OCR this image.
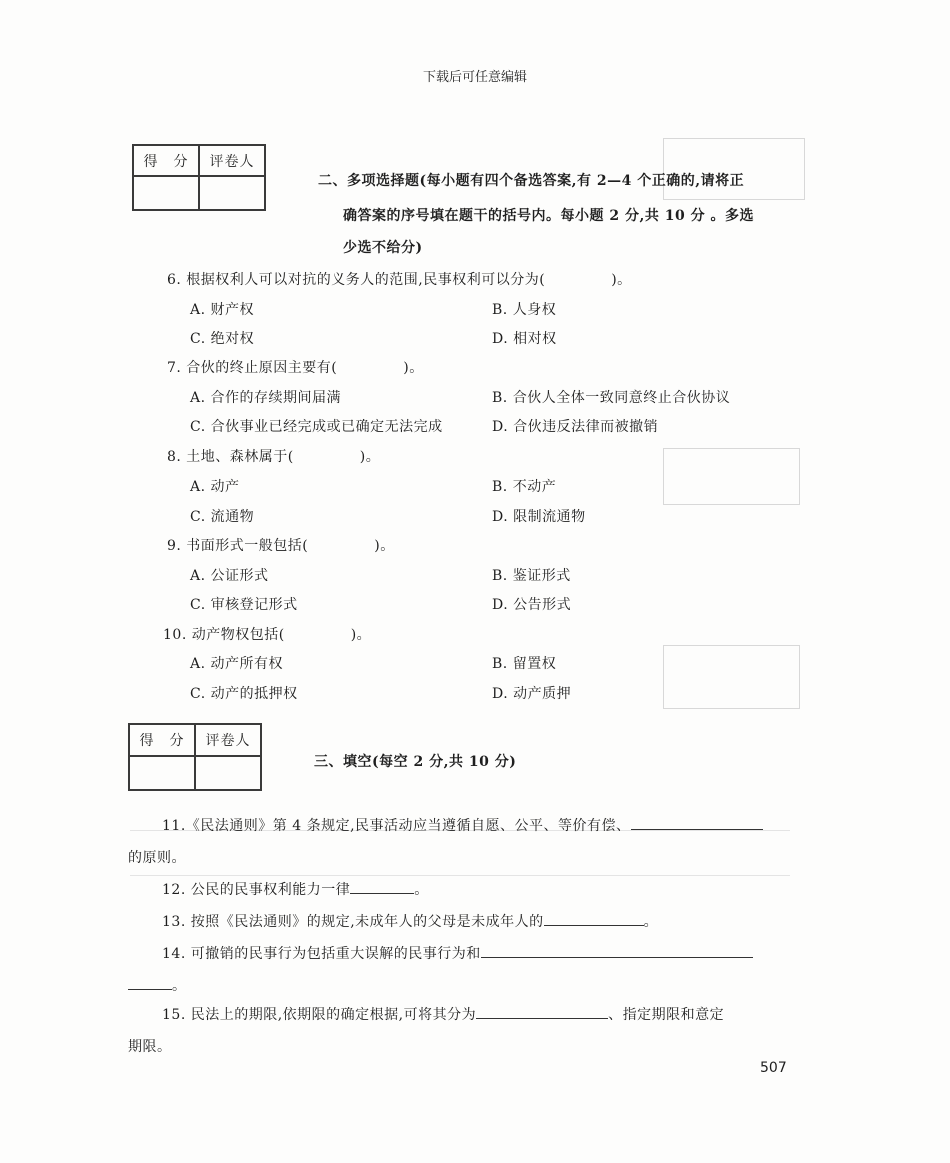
下载后可任意编辑
得　分	评卷人

二、多项选择题(每小题有四个备选答案,有 2—4 个正确的,请将正
确答案的序号填在题干的括号内。每小题 2 分,共 10 分 。多选
少选不给分)
6. 根据权利人可以对抗的义务人的范围,民事权利可以分为(	)。
A. 财产权	B. 人身权
C. 绝对权	D. 相对权
7. 合伙的终止原因主要有(	)。
A. 合作的存续期间届满	B. 合伙人全体一致同意终止合伙协议
C. 合伙事业已经完成或已确定无法完成	D. 合伙违反法律而被撤销
8. 土地、森林属于(	)。
A. 动产	B. 不动产
C. 流通物	D. 限制流通物
9. 书面形式一般包括(	)。
A. 公证形式	B. 鉴证形式
C. 审核登记形式	D. 公告形式
10. 动产物权包括(	)。
A. 动产所有权	B. 留置权
C. 动产的抵押权	D. 动产质押
得　分	评卷人

三、填空(每空 2 分,共 10 分)
11.《民法通则》第 4 条规定,民事活动应当遵循自愿、公平、等价有偿、
的原则。
12. 公民的民事权利能力一律	。
13. 按照《民法通则》的规定,未成年人的父母是未成年人的	。
14. 可撤销的民事行为包括重大误解的民事行为和
。
15. 民法上的期限,依期限的确定根据,可将其分为	、指定期限和意定
期限。
507
